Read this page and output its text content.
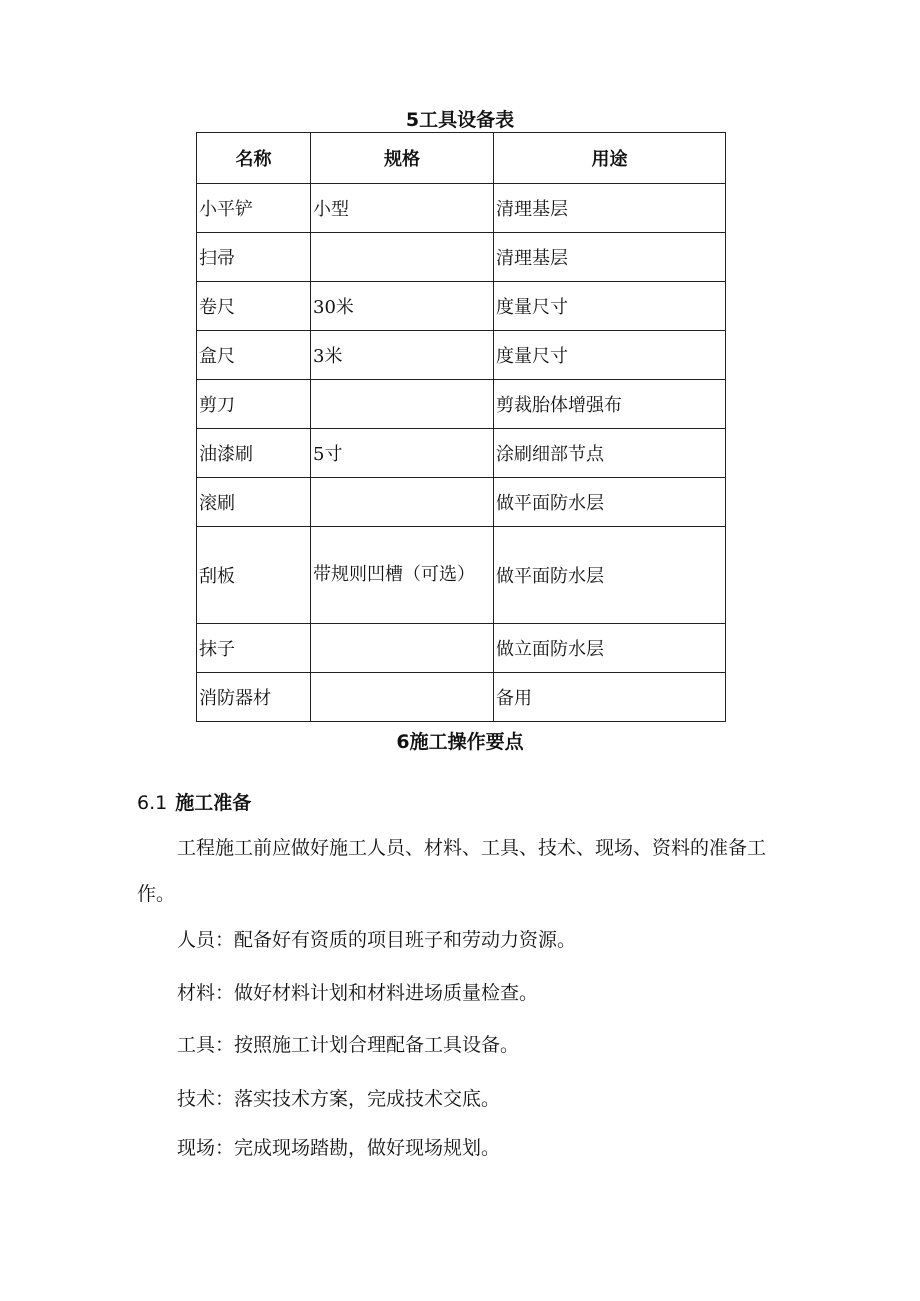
5工具设备表
名称	规格	用途
小平铲	小型	清理基层
扫帚		清理基层
卷尺	30米	度量尺寸
盒尺	3米	度量尺寸
剪刀		剪裁胎体增强布
油漆刷	5寸	涂刷细部节点
滚刷		做平面防水层
刮板	带规则凹槽（可选）	做平面防水层
抹子		做立面防水层
消防器材		备用
6施工操作要点
6.1 施工准备

工程施工前应做好施工人员、材料、工具、技术、现场、资料的准备工作。

人员：配备好有资质的项目班子和劳动力资源。

材料：做好材料计划和材料进场质量检查。

工具：按照施工计划合理配备工具设备。

技术：落实技术方案，完成技术交底。

现场：完成现场踏勘，做好现场规划。
